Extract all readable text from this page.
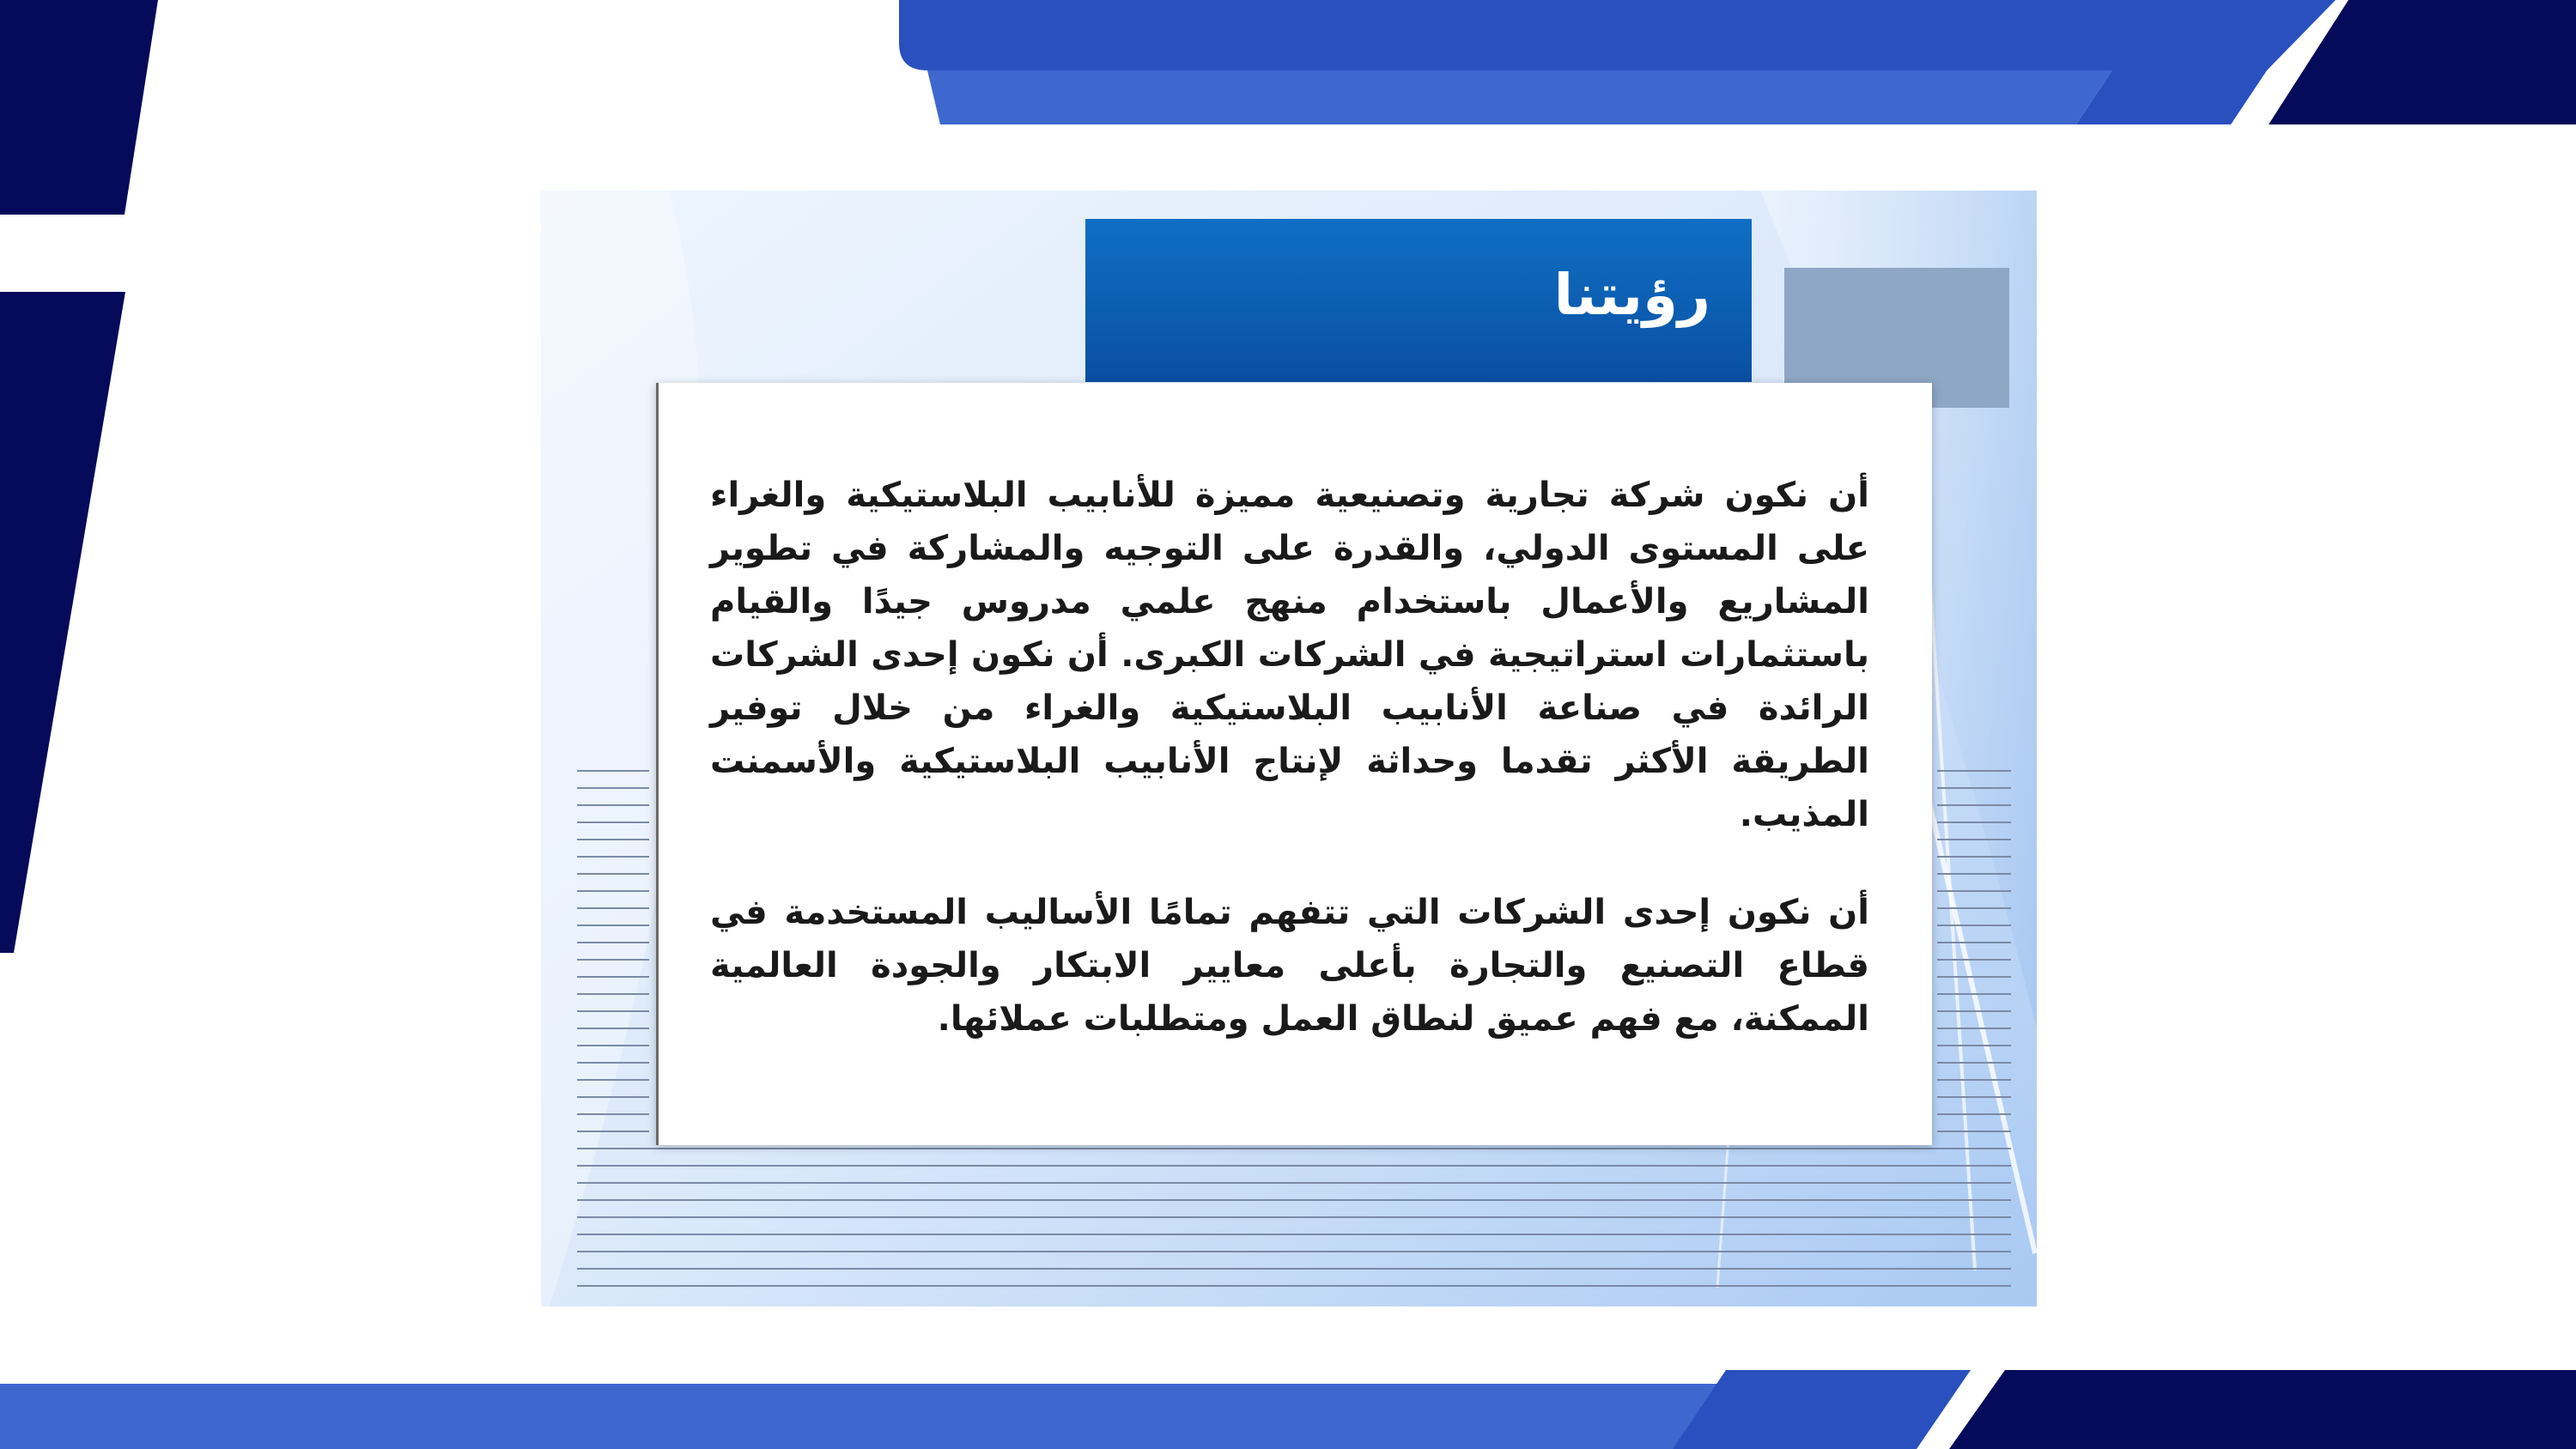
رؤيتنا

أن نكون شركة تجارية وتصنيعية مميزة للأنابيب البلاستيكية والغراء على المستوى الدولي، والقدرة على التوجيه والمشاركة في تطوير المشاريع والأعمال باستخدام منهج علمي مدروس جيدًا والقيام باستثمارات استراتيجية في الشركات الكبرى. أن نكون إحدى الشركات الرائدة في صناعة الأنابيب البلاستيكية والغراء من خلال توفير الطريقة الأكثر تقدما وحداثة لإنتاج الأنابيب البلاستيكية والأسمنت المذيب.

أن نكون إحدى الشركات التي تتفهم تمامًا الأساليب المستخدمة في قطاع التصنيع والتجارة بأعلى معايير الابتكار والجودة العالمية الممكنة، مع فهم عميق لنطاق العمل ومتطلبات عملائها.
